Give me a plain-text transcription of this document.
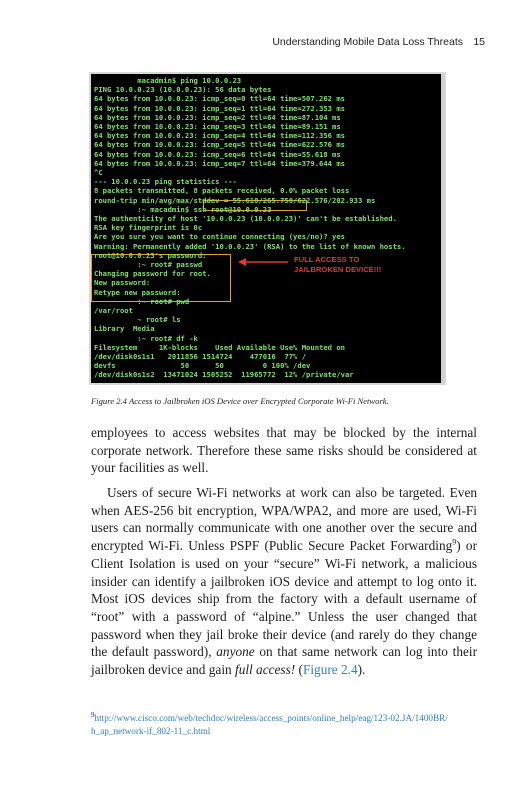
Understanding Mobile Data Loss Threats 15
FULL ACCESS TO
JAILBROKEN DEVICE!!!
macadmin$ ping 10.0.0.23
PING 10.0.0.23 (10.0.0.23): 56 data bytes
64 bytes from 10.0.0.23: icmp_seq=0 ttl=64 time=507.262 ms
64 bytes from 10.0.0.23: icmp_seq=1 ttl=64 time=272.353 ms
64 bytes from 10.0.0.23: icmp_seq=2 ttl=64 time=87.104 ms
64 bytes from 10.0.0.23: icmp_seq=3 ttl=64 time=89.151 ms
64 bytes from 10.0.0.23: icmp_seq=4 ttl=64 time=112.356 ms
64 bytes from 10.0.0.23: icmp_seq=5 ttl=64 time=622.576 ms
64 bytes from 10.0.0.23: icmp_seq=6 ttl=64 time=55.618 ms
64 bytes from 10.0.0.23: icmp_seq=7 ttl=64 time=379.644 ms
^C
--- 10.0.0.23 ping statistics ---
8 packets transmitted, 8 packets received, 0.0% packet loss
round-trip min/avg/max/stddev = 55.618/265.758/622.576/202.933 ms
:~ macadmin$ ssh root@10.0.0.23
The authenticity of host '10.0.0.23 (10.0.0.23)' can't be established.
RSA key fingerprint is 0c
Are you sure you want to continue connecting (yes/no)? yes
Warning: Permanently added '10.0.0.23' (RSA) to the list of known hosts.
root@10.0.0.23's password:
:~ root# passwd
Changing password for root.
New password:
Retype new password:
:~ root# pwd
/var/root
~ root# ls
Library  Media
:~ root# df -k
Filesystem     1K-blocks    Used Available Use% Mounted on
/dev/disk0s1s1   2011856 1514724    477016  77% /
devfs               50      50         0 100% /dev
/dev/disk0s1s2  13471024 1505252  11965772  12% /private/var
Figure 2.4 Access to Jailbroken iOS Device over Encrypted Corporate Wi-Fi Network.
employees to access websites that may be blocked by the internal corporate network. Therefore these same risks should be considered at your facilities as well.
Users of secure Wi-Fi networks at work can also be targeted. Even when AES-256 bit encryption, WPA/WPA2, and more are used, Wi-Fi users can normally communicate with one another over the secure and encrypted Wi-Fi. Unless PSPF (Public Secure Packet Forwarding$^9$) or Client Isolation is used on your “secure” Wi-Fi network, a malicious insider can identify a jailbroken iOS device and attempt to log onto it. Most iOS devices ship from the factory with a default username of “root” with a password of “alpine.” Unless the user changed that password when they jail broke their device (and rarely do they change the default password), anyone on that same network can log into their jailbroken device and gain full access! (Figure 2.4).
$^9$http://www.cisco.com/web/techdoc/wireless/access_points/online_help/eag/123-02.JA/1400BR/
h_ap_network-if_802-11_c.html
